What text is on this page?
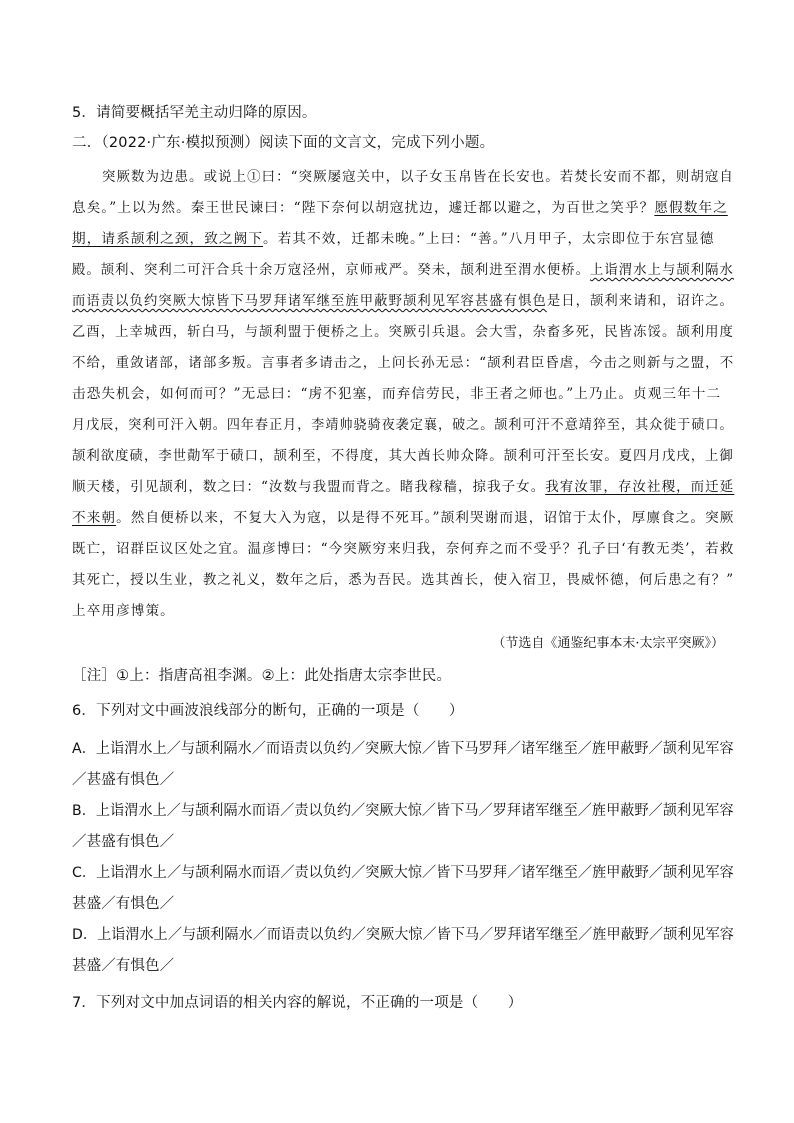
5．请简要概括罕羌主动归降的原因。
二．（2022·广东·模拟预测）阅读下面的文言文，完成下列小题。
突厥数为边患。或说上①曰：“突厥屡寇关中，以子女玉帛皆在长安也。若焚长安而不都，则胡寇自
息矣。”上以为然。秦王世民谏曰：“陛下奈何以胡寇扰边，遽迁都以避之，为百世之笑乎？愿假数年之
期，请系颉利之颈，致之阙下。若其不效，迁都未晚。”上曰：“善。”八月甲子，太宗即位于东宫显德
殿。颉利、突利二可汗合兵十余万寇泾州，京师戒严。癸未，颉利进至渭水便桥。上诣渭水上与颉利隔水
而语责以负约突厥大惊皆下马罗拜诸军继至旌甲蔽野颉利见军容甚盛有惧色是日，颉利来请和，诏许之。
乙酉，上幸城西，斩白马，与颉利盟于便桥之上。突厥引兵退。会大雪，杂畜多死，民皆冻馁。颉利用度
不给，重敛诸部，诸部多叛。言事者多请击之，上问长孙无忌：“颉利君臣昏虐，今击之则新与之盟，不
击恐失机会，如何而可？”无忌曰：“虏不犯塞，而弃信劳民，非王者之师也。”上乃止。贞观三年十二
月戊辰，突利可汗入朝。四年春正月，李靖帅骁骑夜袭定襄，破之。颉利可汗不意靖猝至，其众徙于碛口。
颉利欲度碛，李世勣军于碛口，颉利至，不得度，其大酋长帅众降。颉利可汗至长安。夏四月戊戌，上御
顺天楼，引见颉利，数之曰：“汝数与我盟而背之。睹我稼穑，掠我子女。我宥汝罪，存汝社稷，而迁延
不来朝。然自便桥以来，不复大入为寇，以是得不死耳。”颉利哭谢而退，诏馆于太仆，厚廪食之。突厥
既亡，诏群臣议区处之宜。温彦博曰：“今突厥穷来归我，奈何弃之而不受乎？孔子曰‘有教无类’，若救
其死亡，授以生业，教之礼义，数年之后，悉为吾民。选其酋长，使入宿卫，畏威怀德，何后患之有？”
上卒用彦博策。
（节选自《通鉴纪事本末·太宗平突厥》）
［注］①上：指唐高祖李渊。②上：此处指唐太宗李世民。
6．下列对文中画波浪线部分的断句，正确的一项是（　　）
A．上诣渭水上／与颉利隔水／而语责以负约／突厥大惊／皆下马罗拜／诸军继至／旌甲蔽野／颉利见军容
／甚盛有惧色／
B．上诣渭水上／与颉利隔水而语／责以负约／突厥大惊／皆下马／罗拜诸军继至／旌甲蔽野／颉利见军容
／甚盛有惧色／
C．上诣渭水上／与颉利隔水而语／责以负约／突厥大惊／皆下马罗拜／诸军继至／旌甲蔽野／颉利见军容
甚盛／有惧色／
D．上诣渭水上／与颉利隔水／而语责以负约／突厥大惊／皆下马／罗拜诸军继至／旌甲蔽野／颉利见军容
甚盛／有惧色／
7．下列对文中加点词语的相关内容的解说，不正确的一项是（　　）
